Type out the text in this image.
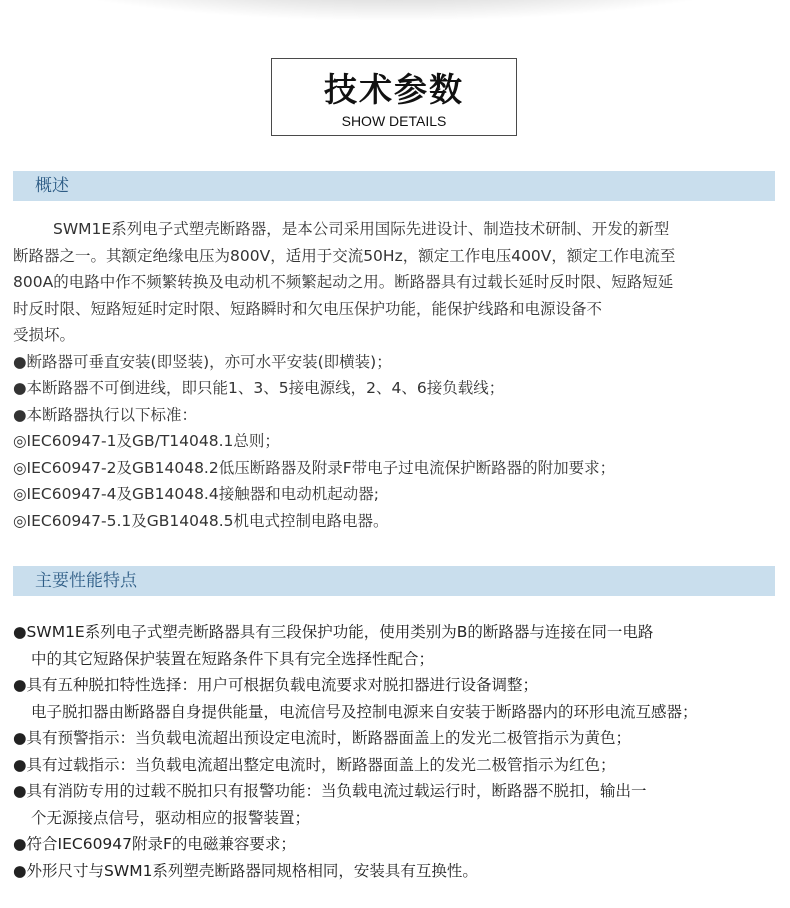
技术参数
SHOW DETAILS
概述
SWM1E系列电子式塑壳断路器，是本公司采用国际先进设计、制造技术研制、开发的新型
断路器之一。其额定绝缘电压为800V，适用于交流50Hz，额定工作电压400V，额定工作电流至
800A的电路中作不频繁转换及电动机不频繁起动之用。断路器具有过载长延时反时限、短路短延
时反时限、短路短延时定时限、短路瞬时和欠电压保护功能，能保护线路和电源设备不
受损坏。
●断路器可垂直安装(即竖装)，亦可水平安装(即横装)；
●本断路器不可倒进线，即只能1、3、5接电源线，2、4、6接负载线；
●本断路器执行以下标准：
◎IEC60947-1及GB/T14048.1总则；
◎IEC60947-2及GB14048.2低压断路器及附录F带电子过电流保护断路器的附加要求；
◎IEC60947-4及GB14048.4接触器和电动机起动器;
◎IEC60947-5.1及GB14048.5机电式控制电路电器。
主要性能特点
●SWM1E系列电子式塑壳断路器具有三段保护功能，使用类别为B的断路器与连接在同一电路
中的其它短路保护装置在短路条件下具有完全选择性配合；
●具有五种脱扣特性选择：用户可根据负载电流要求对脱扣器进行设备调整；
电子脱扣器由断路器自身提供能量，电流信号及控制电源来自安装于断路器内的环形电流互感器；
●具有预警指示：当负载电流超出预设定电流时，断路器面盖上的发光二极管指示为黄色；
●具有过载指示：当负载电流超出整定电流时，断路器面盖上的发光二极管指示为红色；
●具有消防专用的过载不脱扣只有报警功能：当负载电流过载运行时，断路器不脱扣，输出一
个无源接点信号，驱动相应的报警装置；
●符合IEC60947附录F的电磁兼容要求；
●外形尺寸与SWM1系列塑壳断路器同规格相同，安装具有互换性。
